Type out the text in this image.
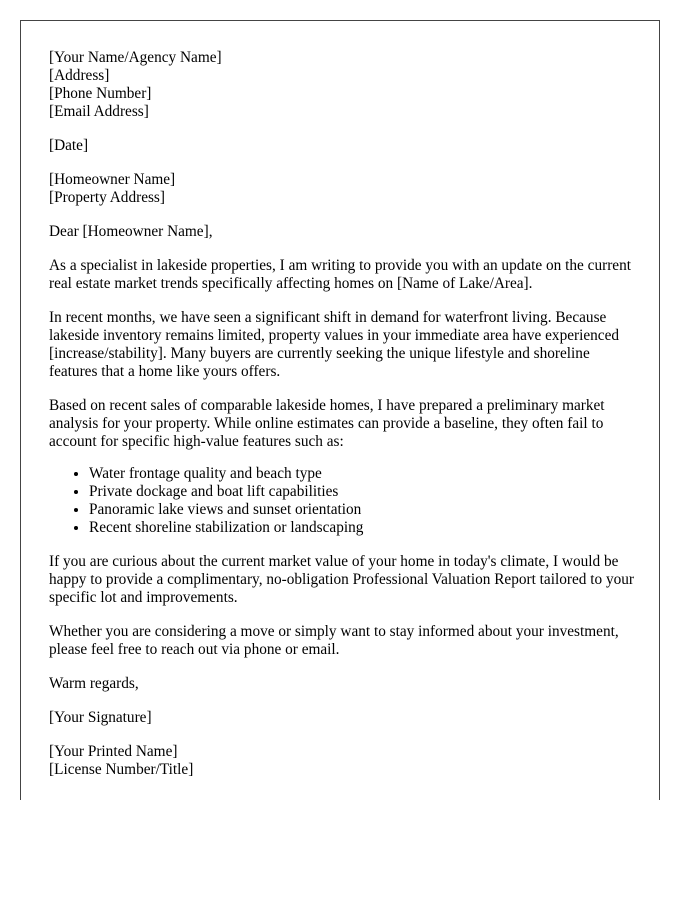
[Your Name/Agency Name]
[Address]
[Phone Number]
[Email Address]
[Date]
[Homeowner Name]
[Property Address]

Dear [Homeowner Name],

As a specialist in lakeside properties, I am writing to provide you with an update on the current real estate market trends specifically affecting homes on [Name of Lake/Area].

In recent months, we have seen a significant shift in demand for waterfront living. Because lakeside inventory remains limited, property values in your immediate area have experienced [increase/stability]. Many buyers are currently seeking the unique lifestyle and shoreline features that a home like yours offers.

Based on recent sales of comparable lakeside homes, I have prepared a preliminary market analysis for your property. While online estimates can provide a baseline, they often fail to account for specific high-value features such as:

• Water frontage quality and beach type
• Private dockage and boat lift capabilities
• Panoramic lake views and sunset orientation
• Recent shoreline stabilization or landscaping

If you are curious about the current market value of your home in today's climate, I would be happy to provide a complimentary, no-obligation Professional Valuation Report tailored to your specific lot and improvements.

Whether you are considering a move or simply want to stay informed about your investment, please feel free to reach out via phone or email.

Warm regards,

[Your Signature]

[Your Printed Name]
[License Number/Title]
